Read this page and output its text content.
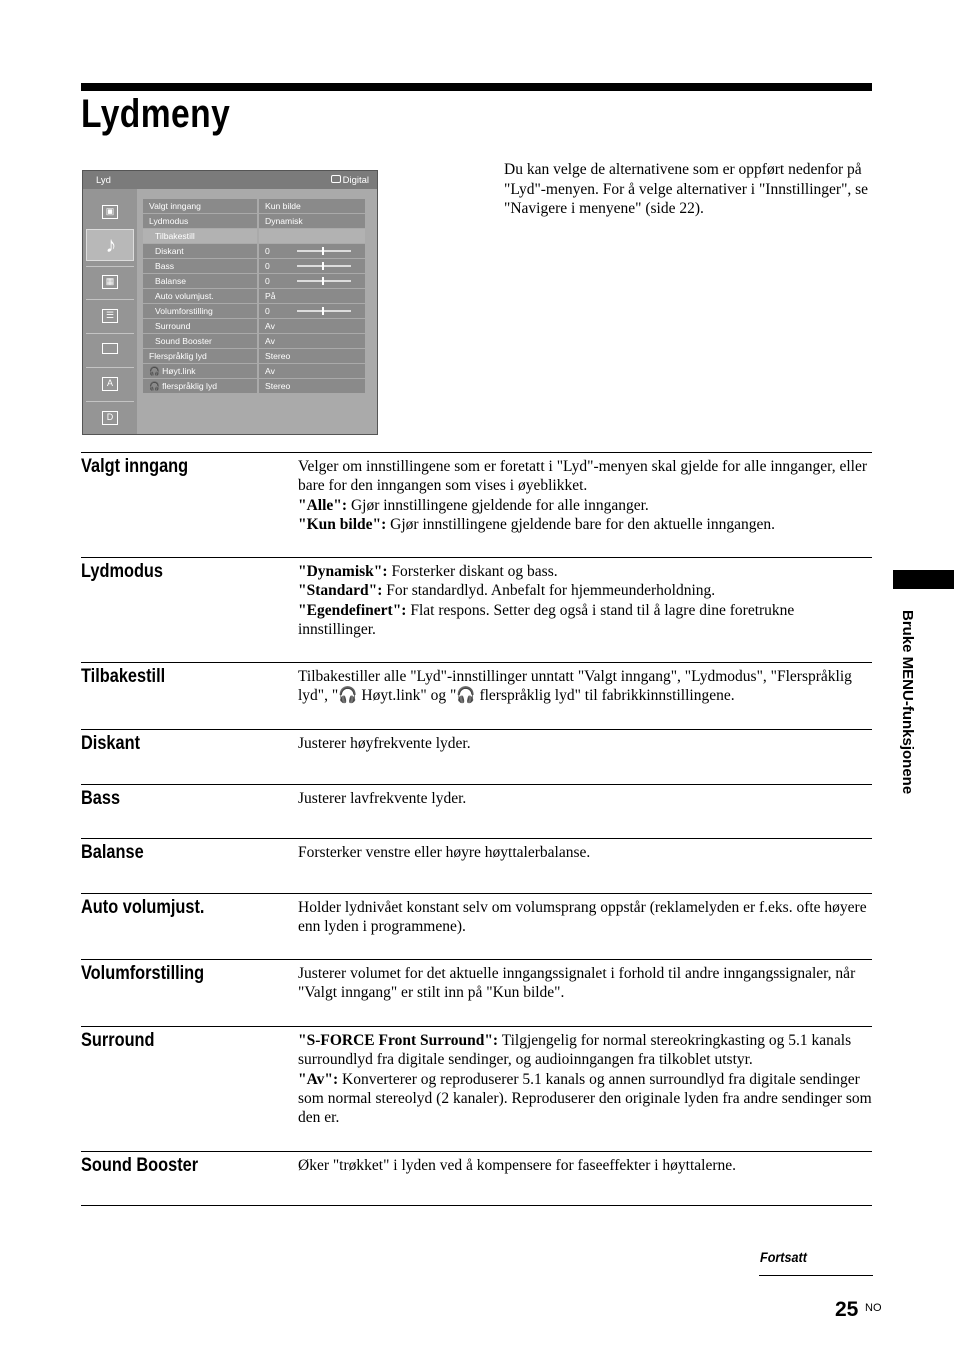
Lydmeny
Du kan velge de alternativene som er oppført nedenfor på "Lyd"-menyen. For å velge alternativer i "Innstillinger", se "Navigere i menyene" (side 22).
Lyd	Digital
▣
♪
▦
☰
A
D
Valgt inngang	Kun bilde
Lydmodus	Dynamisk
Tilbakestill
Diskant	0
Bass	0
Balanse	0
Auto volumjust.	På
Volumforstilling	0
Surround	Av
Sound Booster	Av
Flerspråklig lyd	Stereo
🎧 Høyt.link	Av
🎧 flerspråklig lyd	Stereo
Bruke MENU-funksjonene
Fortsatt
25 NO
Valgt inngang	Velger om innstillingene som er foretatt i "Lyd"-menyen skal gjelde for alle innganger, eller bare for den inngangen som vises i øyeblikket.

"Alle": Gjør innstillingene gjeldende for alle innganger.

"Kun bilde": Gjør innstillingene gjeldende bare for den aktuelle inngangen.

Lydmodus	"Dynamisk": Forsterker diskant og bass.

"Standard": For standardlyd. Anbefalt for hjemmeunderholdning.

"Egendefinert": Flat respons. Setter deg også i stand til å lagre dine foretrukne innstillinger.

Tilbakestill	Tilbakestiller alle "Lyd"-innstillinger unntatt "Valgt inngang", "Lydmodus", "Flerspråklig lyd", "🎧 Høyt.link" og "🎧 flerspråklig lyd" til fabrikkinnstillingene.

Diskant	Justerer høyfrekvente lyder.

Bass	Justerer lavfrekvente lyder.

Balanse	Forsterker venstre eller høyre høyttalerbalanse.

Auto volumjust.	Holder lydnivået konstant selv om volumsprang oppstår (reklamelyden er f.eks. ofte høyere enn lyden i programmene).

Volumforstilling	Justerer volumet for det aktuelle inngangssignalet i forhold til andre inngangssignaler, når "Valgt inngang" er stilt inn på "Kun bilde".

Surround	"S-FORCE Front Surround": Tilgjengelig for normal stereokringkasting og 5.1 kanals surroundlyd fra digitale sendinger, og audioinngangen fra tilkoblet utstyr.

"Av": Konverterer og reproduserer 5.1 kanals og annen surroundlyd fra digitale sendinger som normal stereolyd (2 kanaler). Reproduserer den originale lyden fra andre sendinger som den er.

Sound Booster	Øker "trøkket" i lyden ved å kompensere for faseeffekter i høyttalerne.
